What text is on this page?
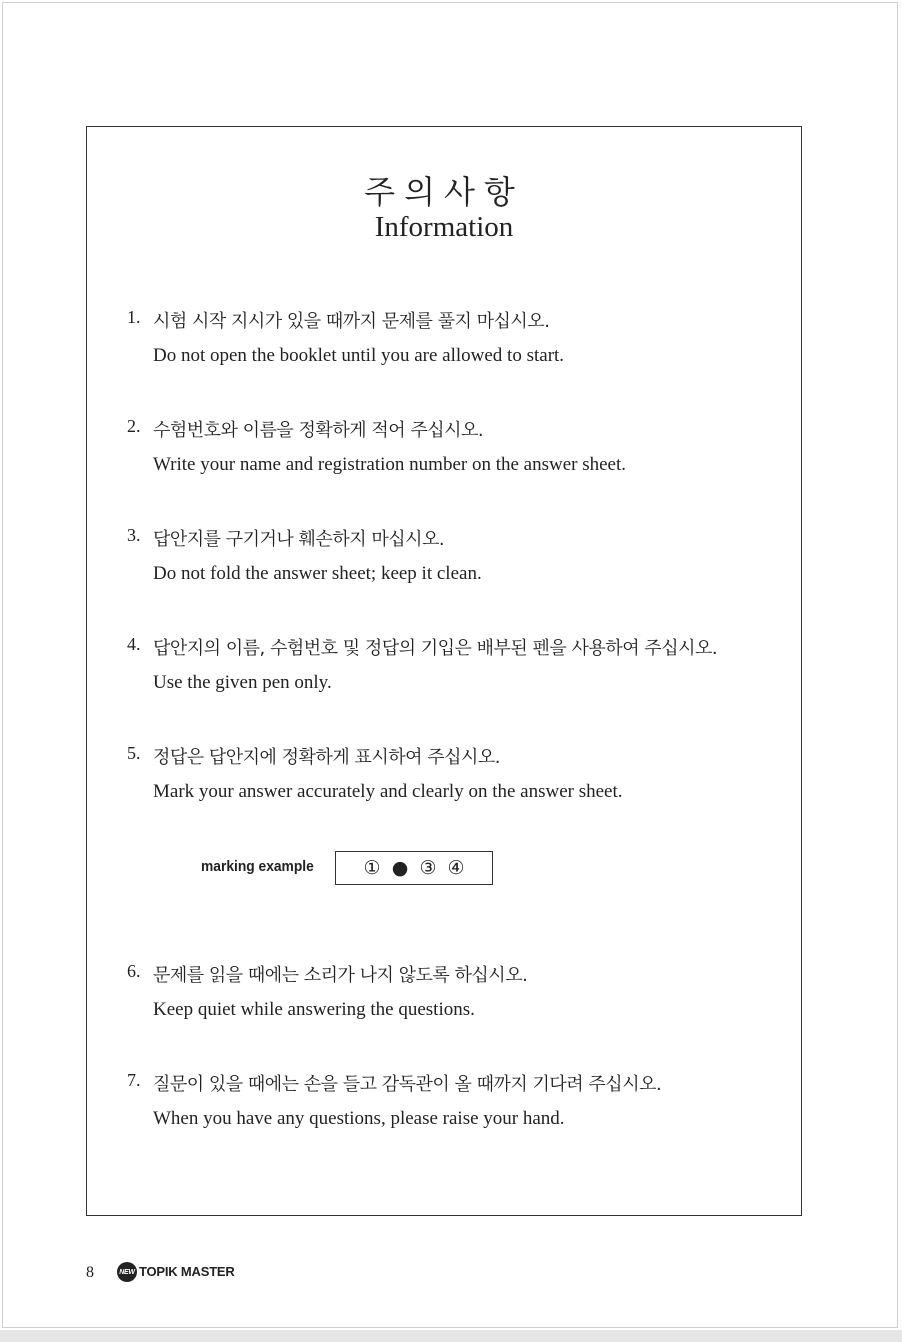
주의사항
Information
1. 시험 시작 지시가 있을 때까지 문제를 풀지 마십시오.
Do not open the booklet until you are allowed to start.
2. 수험번호와 이름을 정확하게 적어 주십시오.
Write your name and registration number on the answer sheet.
3. 답안지를 구기거나 훼손하지 마십시오.
Do not fold the answer sheet; keep it clean.
4. 답안지의 이름, 수험번호 및 정답의 기입은 배부된 펜을 사용하여 주십시오.
Use the given pen only.
5. 정답은 답안지에 정확하게 표시하여 주십시오.
Mark your answer accurately and clearly on the answer sheet.
marking example	① ● ③ ④
6. 문제를 읽을 때에는 소리가 나지 않도록 하십시오.
Keep quiet while answering the questions.
7. 질문이 있을 때에는 손을 들고 감독관이 올 때까지 기다려 주십시오.
When you have any questions, please raise your hand.
8	NEW TOPIK MASTER
